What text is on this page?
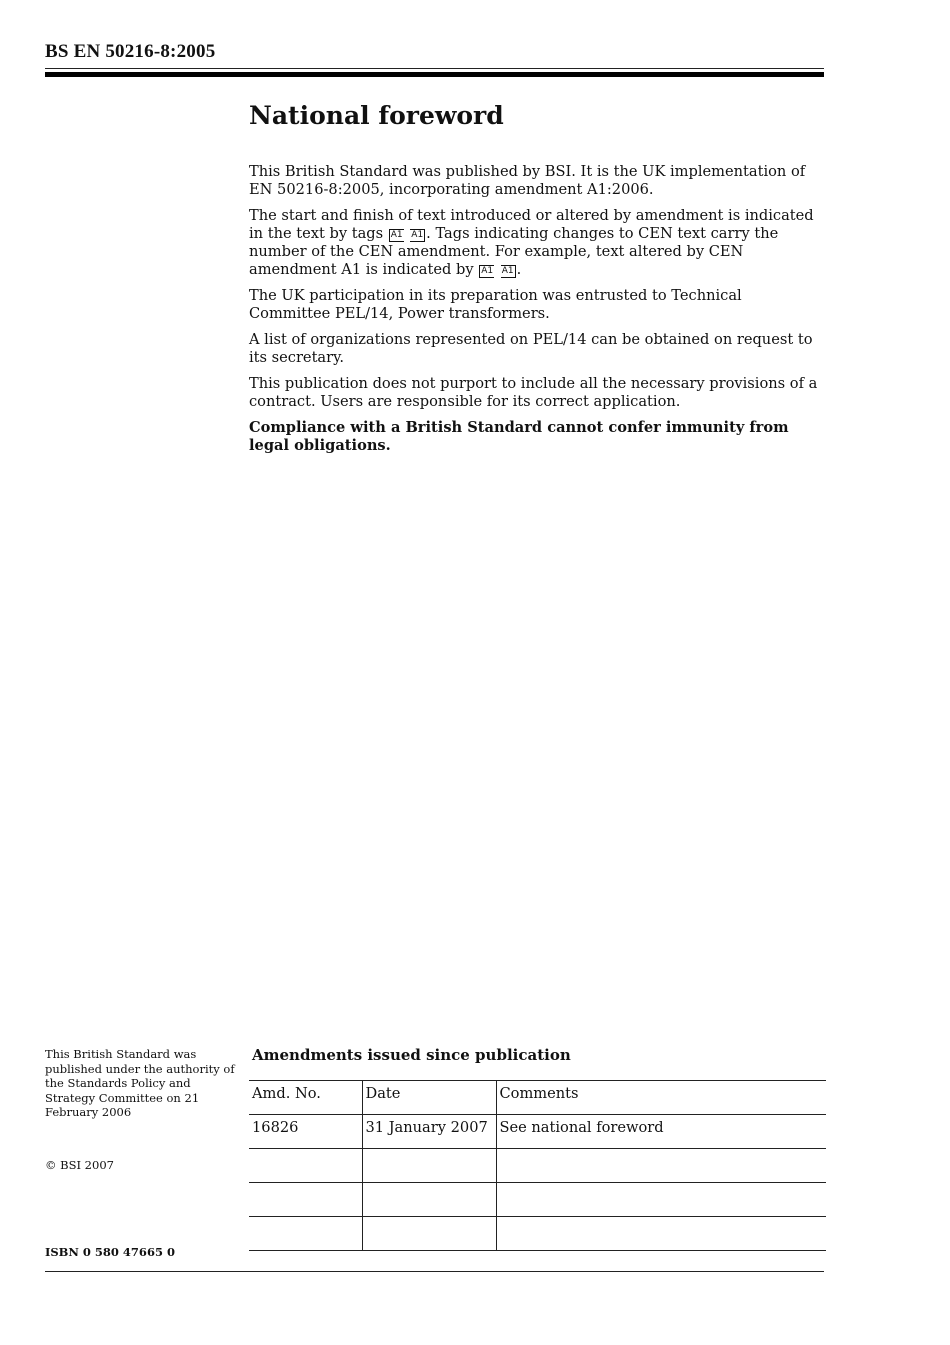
BS EN 50216-8:2005
National foreword

This British Standard was published by BSI. It is the UK implementation of EN 50216-8:2005, incorporating amendment A1:2006.

The start and finish of text introduced or altered by amendment is indicated in the text by tags A1 A1 . Tags indicating changes to CEN text carry the number of the CEN amendment. For example, text altered by CEN amendment A1 is indicated by A1 A1 .

The UK participation in its preparation was entrusted to Technical Committee PEL/14, Power transformers.

A list of organizations represented on PEL/14 can be obtained on request to its secretary.

This publication does not purport to include all the necessary provisions of a contract. Users are responsible for its correct application.

Compliance with a British Standard cannot confer immunity from legal obligations.

This British Standard was published under the authority of the Standards Policy and Strategy Committee on 21 February 2006
© BSI 2007
ISBN 0 580 47665 0
Amendments issued since publication
Amd. No.	Date	Comments
16826	31 January 2007	See national foreword
